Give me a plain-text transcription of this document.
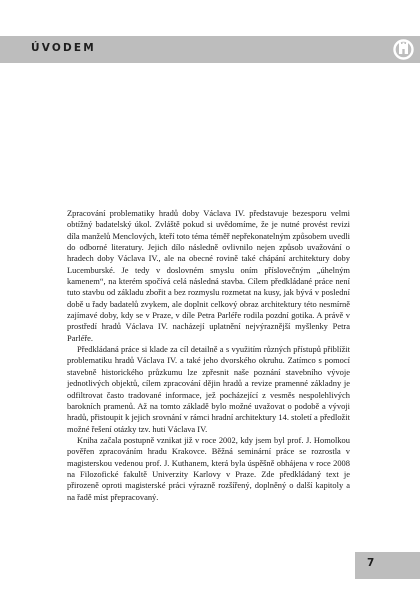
ÚVODEM

Zpracování problematiky hradů doby Václava IV. představuje bezesporu velmi obtížný badatelský úkol. Zvláště pokud si uvědomíme, že je nutné provést revizi díla manželů Menclových, kteří toto téma téměř nepřekonatelným způsobem uvedli do odborné literatury. Jejich dílo následně ovlivnilo nejen způsob uvažování o hradech doby Václava IV., ale na obecné rovině také chápání architektury doby Lucemburské. Je tedy v doslovném smyslu oním příslovečným „úhelným kamenem“, na kterém spočívá celá následná stavba. Cílem předkládané práce není tuto stavbu od základu zbořit a bez rozmyslu rozmetat na kusy, jak bývá v poslední době u řady badatelů zvykem, ale doplnit celkový obraz architektury této nesmírně zajímavé doby, kdy se v Praze, v díle Petra Parléře rodila pozdní gotika. A právě v prostředí hradů Václava IV. nacházejí uplatnění nejvýraznější myšlenky Petra Parléře.

Předkládaná práce si klade za cíl detailně a s využitím různých přístupů přiblížit problematiku hradů Václava IV. a také jeho dvorského okruhu. Zatímco s pomocí stavebně historického průzkumu lze zpřesnit naše poznání stavebního vývoje jednotlivých objektů, cílem zpracování dějin hradů a revize pramenné základny je odfiltrovat často tradované informace, jež pocházející z vesměs nespolehlivých barokních pramenů. Až na tomto základě bylo možné uvažovat o podobě a vývoji hradů, přistoupit k jejich srovnání v rámci hradní architektury 14. století a předložit možné řešení otázky tzv. huti Václava IV.

Kniha začala postupně vznikat již v roce 2002, kdy jsem byl prof. J. Homolkou pověřen zpracováním hradu Krakovce. Běžná seminární práce se rozrostla v magisterskou vedenou prof. J. Kuthanem, která byla úspěšně obhájena v roce 2008 na Filozofické fakultě Univerzity Karlovy v Praze. Zde předkládaný text je přirozeně oproti magisterské práci výrazně rozšířený, doplněný o další kapitoly a na řadě míst přepracovaný.

7
